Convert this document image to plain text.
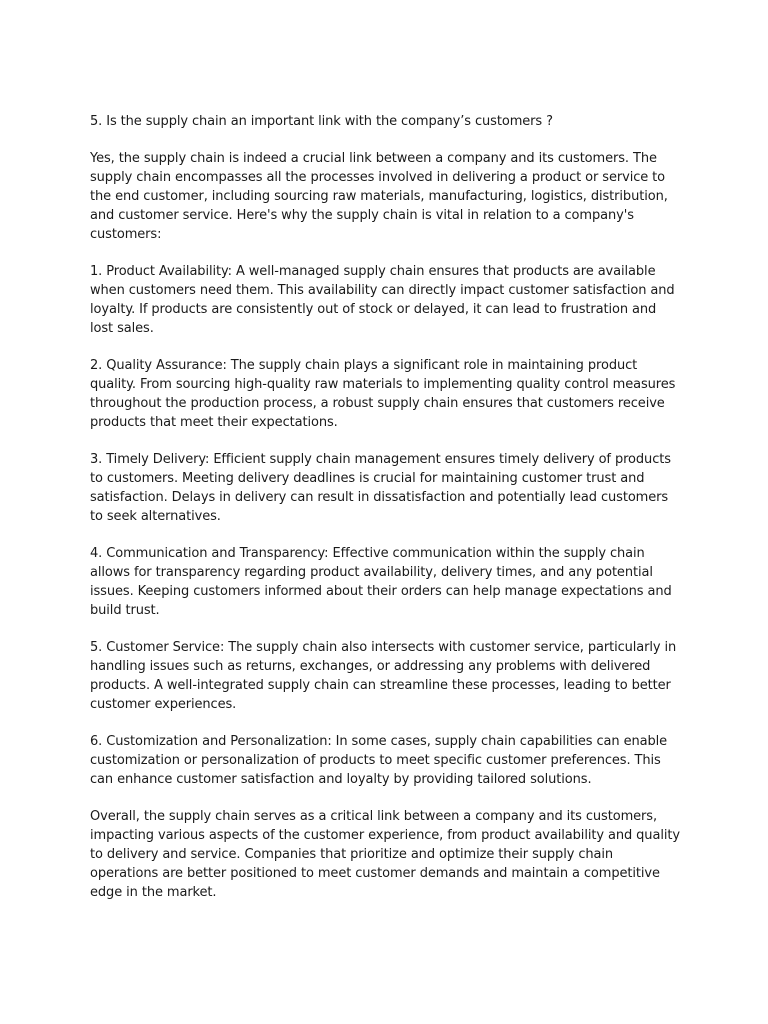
5. Is the supply chain an important link with the company’s customers ?

Yes, the supply chain is indeed a crucial link between a company and its customers. The supply chain encompasses all the processes involved in delivering a product or service to the end customer, including sourcing raw materials, manufacturing, logistics, distribution, and customer service. Here's why the supply chain is vital in relation to a company's customers:

1. Product Availability: A well-managed supply chain ensures that products are available when customers need them. This availability can directly impact customer satisfaction and loyalty. If products are consistently out of stock or delayed, it can lead to frustration and lost sales.

2. Quality Assurance: The supply chain plays a significant role in maintaining product quality. From sourcing high-quality raw materials to implementing quality control measures throughout the production process, a robust supply chain ensures that customers receive products that meet their expectations.

3. Timely Delivery: Efficient supply chain management ensures timely delivery of products to customers. Meeting delivery deadlines is crucial for maintaining customer trust and satisfaction. Delays in delivery can result in dissatisfaction and potentially lead customers to seek alternatives.

4. Communication and Transparency: Effective communication within the supply chain allows for transparency regarding product availability, delivery times, and any potential issues. Keeping customers informed about their orders can help manage expectations and build trust.

5. Customer Service: The supply chain also intersects with customer service, particularly in handling issues such as returns, exchanges, or addressing any problems with delivered products. A well-integrated supply chain can streamline these processes, leading to better customer experiences.

6. Customization and Personalization: In some cases, supply chain capabilities can enable customization or personalization of products to meet specific customer preferences. This can enhance customer satisfaction and loyalty by providing tailored solutions.

Overall, the supply chain serves as a critical link between a company and its customers, impacting various aspects of the customer experience, from product availability and quality to delivery and service. Companies that prioritize and optimize their supply chain operations are better positioned to meet customer demands and maintain a competitive edge in the market.
